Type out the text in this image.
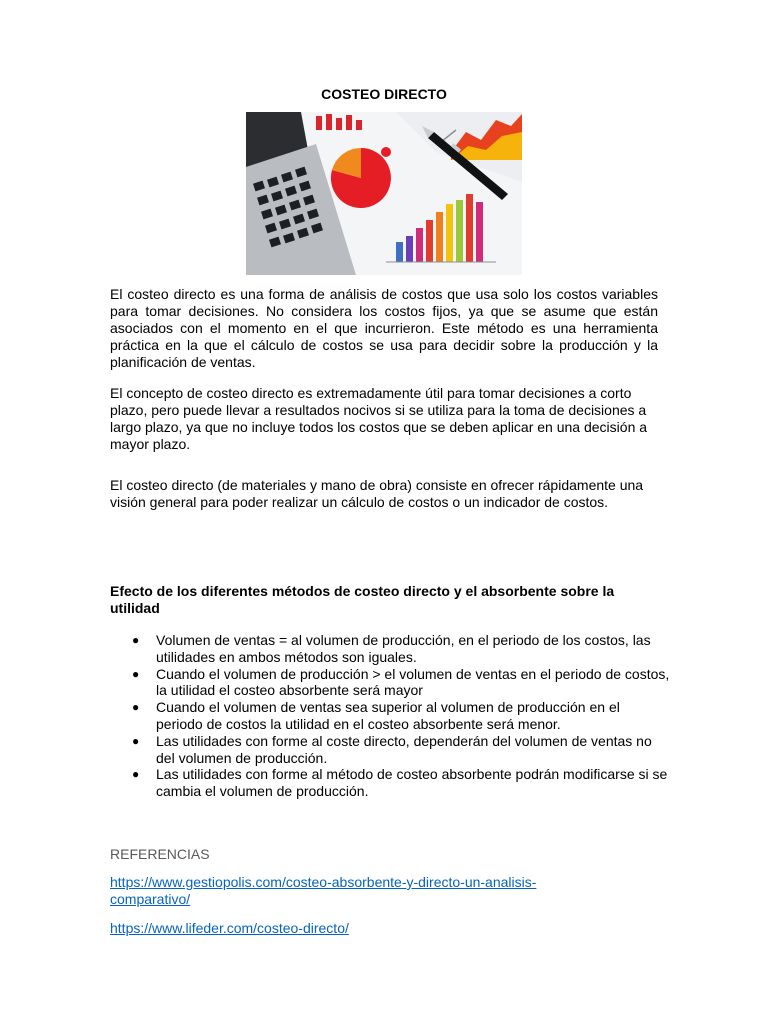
COSTEO DIRECTO

El costeo directo es una forma de análisis de costos que usa solo los costos variables para tomar decisiones. No considera los costos fijos, ya que se asume que están asociados con el momento en el que incurrieron. Este método es una herramienta práctica en la que el cálculo de costos se usa para decidir sobre la producción y la planificación de ventas.

El concepto de costeo directo es extremadamente útil para tomar decisiones a corto plazo, pero puede llevar a resultados nocivos si se utiliza para la toma de decisiones a largo plazo, ya que no incluye todos los costos que se deben aplicar en una decisión a mayor plazo.

El costeo directo (de materiales y mano de obra) consiste en ofrecer rápidamente una visión general para poder realizar un cálculo de costos o un indicador de costos.

Efecto de los diferentes métodos de costeo directo y el absorbente sobre la utilidad

● Volumen de ventas = al volumen de producción, en el periodo de los costos, las utilidades en ambos métodos son iguales.
● Cuando el volumen de producción > el volumen de ventas en el periodo de costos, la utilidad el costeo absorbente será mayor
● Cuando el volumen de ventas sea superior al volumen de producción en el periodo de costos la utilidad en el costeo absorbente será menor.
● Las utilidades con forme al coste directo, dependerán del volumen de ventas no del volumen de producción.
● Las utilidades con forme al método de costeo absorbente podrán modificarse si se cambia el volumen de producción.

REFERENCIAS

https://www.gestiopolis.com/costeo-absorbente-y-directo-un-analisis-
comparativo/
https://www.lifeder.com/costeo-directo/
